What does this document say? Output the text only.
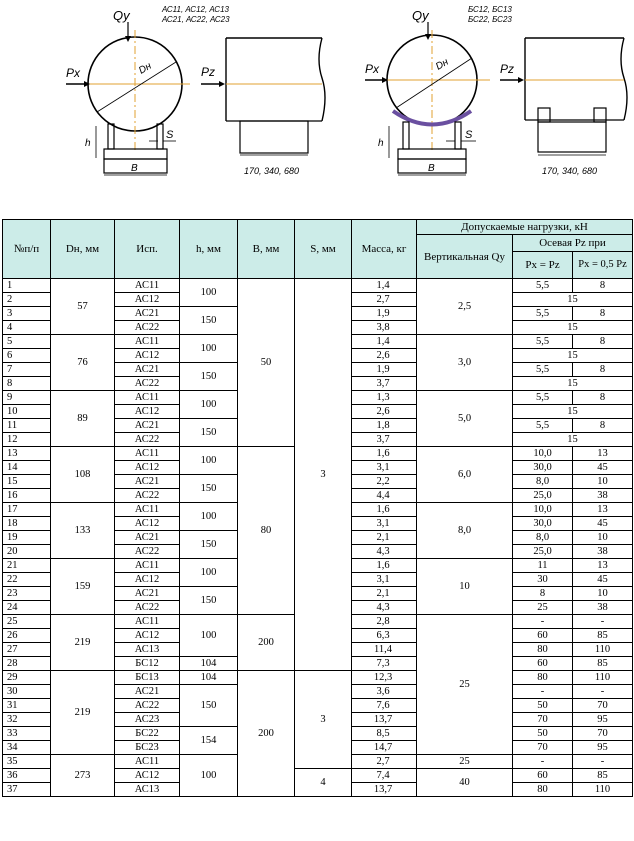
Qy	АС11, АС12, АС13
АС21, АС22, АС23
Dн
Px
h
S
B
Pz
170, 340, 680
Qy	БС12, БС13
БС22, БС23
Dн
Px
h
S
B
Pz
170, 340, 680
№п/п	Dн, мм	Исп.	h, мм	B, мм	S, мм	Масса, кг	Допускаемые нагрузки, кН		
							Вертикальная Qy	Осевая Pz при	
								Px = Pz	Px = 0,5 Pz
1	57	АС11	100	50	3	1,4	2,5	5,5	8
2		АС12				2,7		15	
3		АС21	150			1,9		5,5	8
4		АС22				3,8		15	
5	76	АС11	100			1,4	3,0	5,5	8
6		АС12				2,6		15	
7		АС21	150			1,9		5,5	8
8		АС22				3,7		15	
9	89	АС11	100			1,3	5,0	5,5	8
10		АС12				2,6		15	
11		АС21	150			1,8		5,5	8
12		АС22				3,7		15	
13	108	АС11	100	80		1,6	6,0	10,0	13
14		АС12				3,1		30,0	45
15		АС21	150			2,2		8,0	10
16		АС22				4,4		25,0	38
17	133	АС11	100			1,6	8,0	10,0	13
18		АС12				3,1		30,0	45
19		АС21	150			2,1		8,0	10
20		АС22				4,3		25,0	38
21	159	АС11	100			1,6	10	11	13
22		АС12				3,1		30	45
23		АС21	150			2,1		8	10
24		АС22				4,3		25	38
25	219	АС11	100	200		2,8	25	-	-
26		АС12				6,3		60	85
27		АС13				11,4		80	110
28		БС12	104			7,3		60	85
29	219	БС13	104	200	3	12,3		80	110
30		АС21	150			3,6		-	-
31		АС22				7,6		50	70
32		АС23				13,7		70	95
33		БС22	154			8,5		50	70
34		БС23				14,7		70	95
35	273	АС11	100			2,7	25	-	-
36		АС12			4	7,4	40	60	85
37		АС13				13,7		80	110
